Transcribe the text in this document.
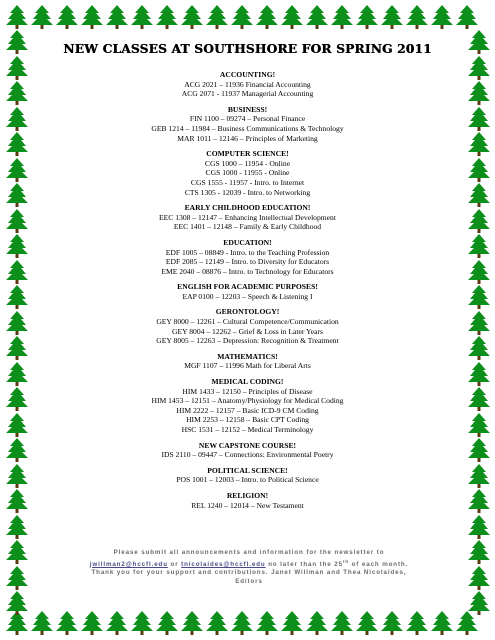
NEW CLASSES AT SOUTHSHORE FOR SPRING 2011
ACCOUNTING!
ACG 2021 – 11936 Financial Accounting
ACG 2071 - 11937 Managerial Accounting
BUSINESS!
FIN 1100 – 09274 – Personal Finance
GEB 1214 – 11984 – Business Communications & Technology
MAR 1011 – 12146 – Principles of Marketing
COMPUTER SCIENCE!
CGS 1000 – 11954 - Online
CGS 1000 - 11955 - Online
CGS 1555 - 11957 - Intro. to Internet
CTS 1305 - 12039 - Intro. to Networking
EARLY CHILDHOOD EDUCATION!
EEC 1308 – 12147 – Enhancing Intellectual Development
EEC 1401 – 12148 – Family & Early Childhood
EDUCATION!
EDF 1005 – 08849 - Intro. to the Teaching Profession
EDF 2085 – 12149 – Intro. to Diversity for Educators
EME 2040 – 08876 – Intro. to Technology for Educators
ENGLISH FOR ACADEMIC PURPOSES!
EAP 0100 – 12203 – Speech & Listening I
GERONTOLOGY!
GEY 8000 – 12261 – Cultural Competence/Communication
GEY 8004 – 12262 – Grief & Loss in Later Years
GEY 8005 – 12263 – Depression: Recognition & Treatment
MATHEMATICS!
MGF 1107 – 11996 Math for Liberal Arts
MEDICAL CODING!
HIM 1433 – 12150 – Principles of Disease
HIM 1453 – 12151 – Anatomy/Physiology for Medical Coding
HIM 2222 – 12157 – Basic ICD-9 CM Coding
HIM 2253 – 12158 – Basic CPT Coding
HSC 1531 – 12152 – Medical Terminology
NEW CAPSTONE COURSE!
IDS 2110 – 09447 – Connections: Environmental Poetry
POLITICAL SCIENCE!
POS 1001 – 12003 – Intro. to Political Science
RELIGION!
REL 1240 – 12014 – New Testament
Please submit all announcements and information for the newsletter to
jwillman2@hccfl.edu or tnicolaides@hccfl.edu no later than the 25th of each month.
Thank you for your support and contributions. Janet Willman and Thea Nicolaides,
Editors
